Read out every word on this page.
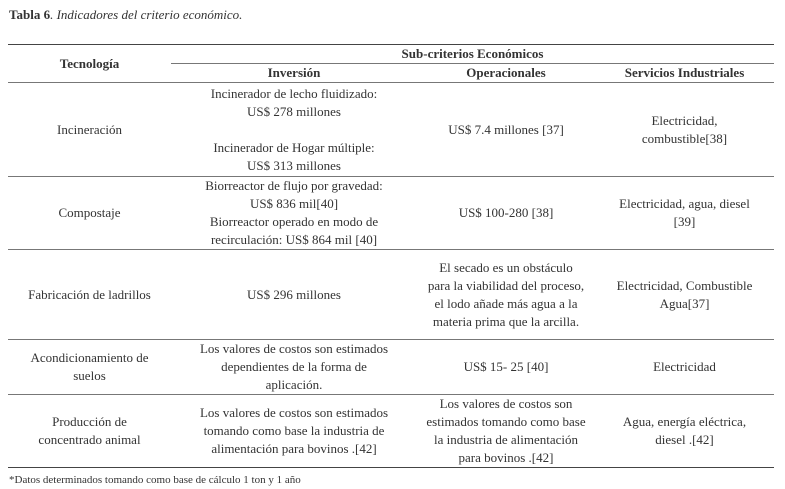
Tabla 6. Indicadores del criterio económico.
Tecnología	Sub-criterios Económicos		
	Inversión	Operacionales	Servicios Industriales
Incineración	Incinerador de lecho fluidizado:
US$ 278 millones
Incinerador de Hogar múltiple:
US$ 313 millones	US$ 7.4 millones [37]	Electricidad,
combustible[38]

Compostaje	Biorreactor de flujo por gravedad:
US$ 836 mil[40]
Biorreactor operado en modo de
recirculación: US$ 864 mil [40]	US$ 100-280 [38]	Electricidad, agua, diesel
[39]

Fabricación de ladrillos	US$ 296 millones	El secado es un obstáculo
para la viabilidad del proceso,
el lodo añade más agua a la
materia prima que la arcilla.	Electricidad, Combustible
Agua[37]

Acondicionamiento de
suelos	Los valores de costos son estimados
dependientes de la forma de
aplicación.	US$ 15- 25 [40]	Electricidad

Producción de
concentrado animal	Los valores de costos son estimados
tomando como base la industria de
alimentación para bovinos .[42]	Los valores de costos son
estimados tomando como base
la industria de alimentación
para bovinos .[42]	Agua, energía eléctrica,
diesel .[42]
*Datos determinados tomando como base de cálculo 1 ton y 1 año
